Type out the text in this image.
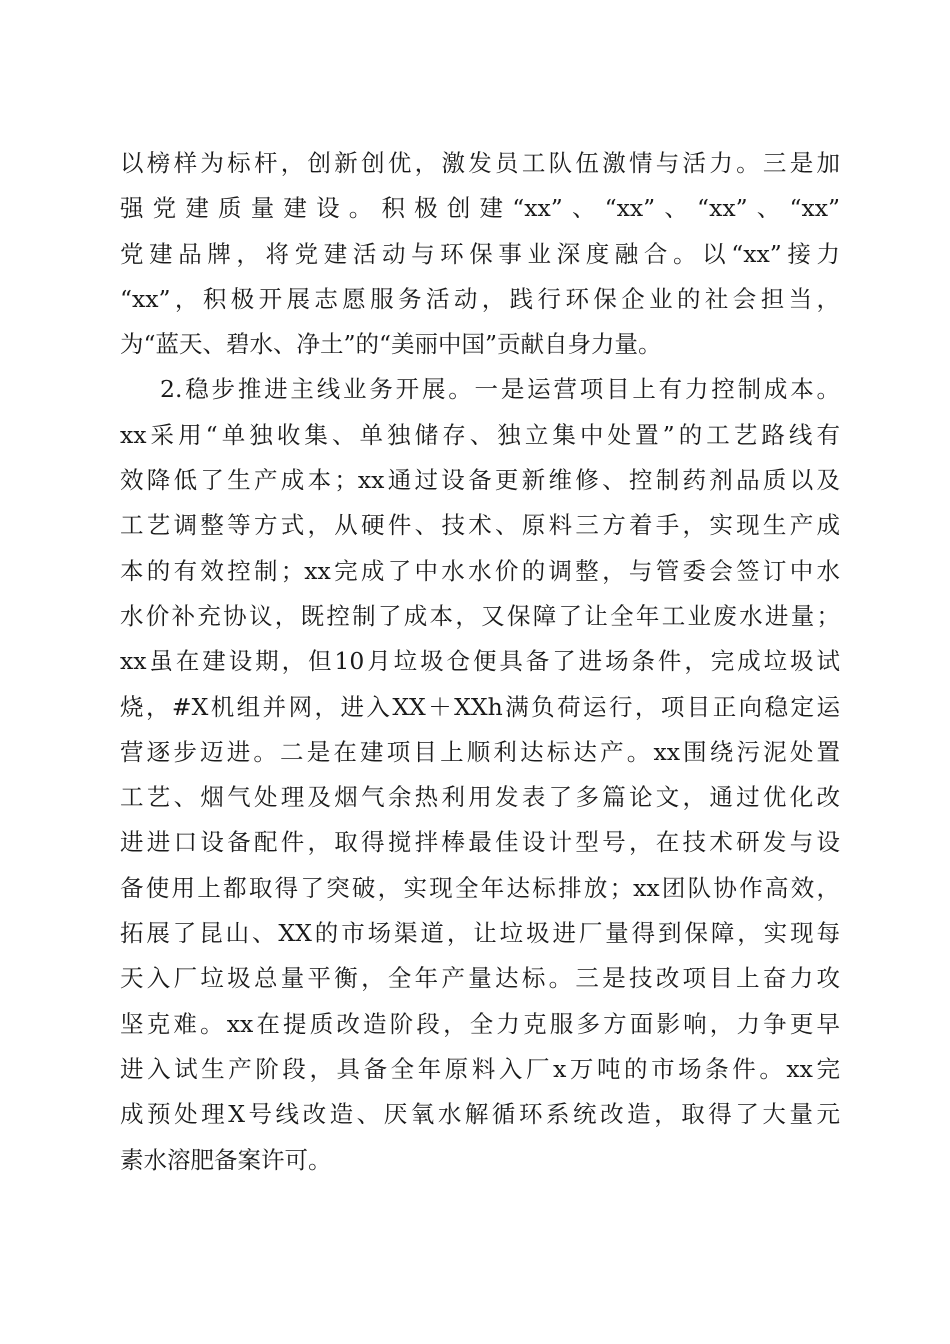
以榜样为标杆，创新创优，激发员工队伍激情与活力。三是加
强党建质量建设。积极创建“xx”、“xx”、“xx”、“xx”
党建品牌，将党建活动与环保事业深度融合。以“xx”接力
“xx”，积极开展志愿服务活动，践行环保企业的社会担当，
为“蓝天、碧水、净土”的“美丽中国”贡献自身力量。
2.稳步推进主线业务开展。一是运营项目上有力控制成本。
xx采用“单独收集、单独储存、独立集中处置”的工艺路线有
效降低了生产成本；xx通过设备更新维修、控制药剂品质以及
工艺调整等方式，从硬件、技术、原料三方着手，实现生产成
本的有效控制；xx完成了中水水价的调整，与管委会签订中水
水价补充协议，既控制了成本，又保障了让全年工业废水进量；
xx虽在建设期，但10月垃圾仓便具备了进场条件，完成垃圾试
烧，#X机组并网，进入XX＋XXh满负荷运行，项目正向稳定运
营逐步迈进。二是在建项目上顺利达标达产。xx围绕污泥处置
工艺、烟气处理及烟气余热利用发表了多篇论文，通过优化改
进进口设备配件，取得搅拌棒最佳设计型号，在技术研发与设
备使用上都取得了突破，实现全年达标排放；xx团队协作高效，
拓展了昆山、XX的市场渠道，让垃圾进厂量得到保障，实现每
天入厂垃圾总量平衡，全年产量达标。三是技改项目上奋力攻
坚克难。xx在提质改造阶段，全力克服多方面影响，力争更早
进入试生产阶段，具备全年原料入厂x万吨的市场条件。xx完
成预处理X号线改造、厌氧水解循环系统改造，取得了大量元
素水溶肥备案许可。
